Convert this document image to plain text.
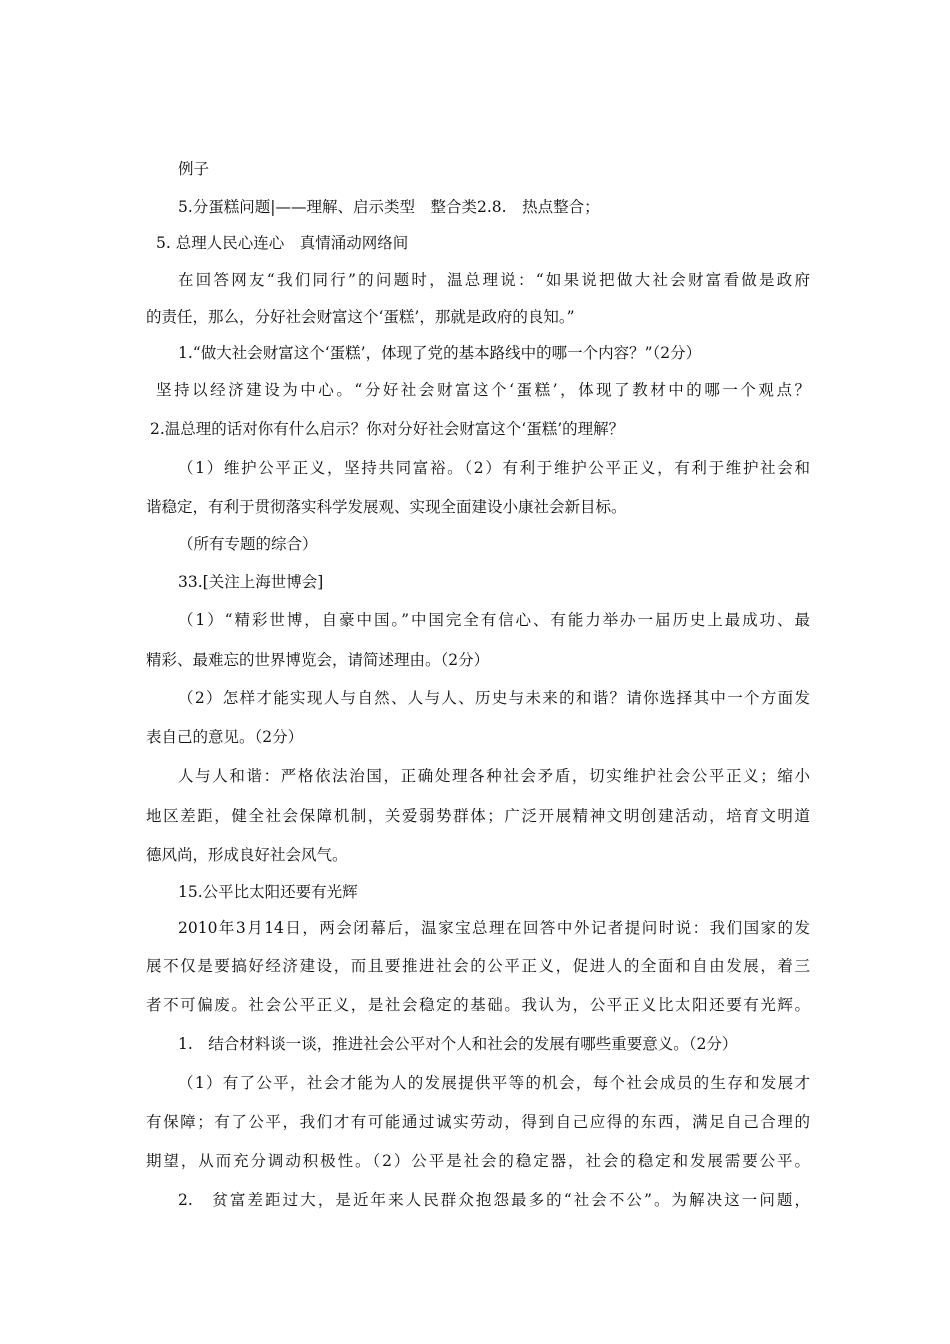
例子
5.分蛋糕问题|——理解、启示类型　整合类2.8.　热点整合；
5. 总理人民心连心　真情涌动网络间
在回答网友“我们同行”的问题时，温总理说：“如果说把做大社会财富看做是政府
的责任，那么，分好社会财富这个‘蛋糕’，那就是政府的良知。”
1.“做大社会财富这个‘蛋糕’，体现了党的基本路线中的哪一个内容？”（2分）
坚持以经济建设为中心。“分好社会财富这个‘蛋糕’，体现了教材中的哪一个观点？
2.温总理的话对你有什么启示？你对分好社会财富这个‘蛋糕’的理解？
（1）维护公平正义，坚持共同富裕。（2）有利于维护公平正义，有利于维护社会和
谐稳定，有利于贯彻落实科学发展观、实现全面建设小康社会新目标。
（所有专题的综合）
33.[关注上海世博会]
（1）“精彩世博，自豪中国。”中国完全有信心、有能力举办一届历史上最成功、最
精彩、最难忘的世界博览会，请简述理由。（2分）
（2）怎样才能实现人与自然、人与人、历史与未来的和谐？请你选择其中一个方面发
表自己的意见。（2分）
人与人和谐：严格依法治国，正确处理各种社会矛盾，切实维护社会公平正义；缩小
地区差距，健全社会保障机制，关爱弱势群体；广泛开展精神文明创建活动，培育文明道
德风尚，形成良好社会风气。
15.公平比太阳还要有光辉
2010年3月14日，两会闭幕后，温家宝总理在回答中外记者提问时说：我们国家的发
展不仅是要搞好经济建设，而且要推进社会的公平正义，促进人的全面和自由发展，着三
者不可偏废。社会公平正义，是社会稳定的基础。我认为，公平正义比太阳还要有光辉。
1.　结合材料谈一谈，推进社会公平对个人和社会的发展有哪些重要意义。（2分）
（1）有了公平，社会才能为人的发展提供平等的机会，每个社会成员的生存和发展才
有保障；有了公平，我们才有可能通过诚实劳动，得到自己应得的东西，满足自己合理的
期望，从而充分调动积极性。（2）公平是社会的稳定器，社会的稳定和发展需要公平。
2.　贫富差距过大，是近年来人民群众抱怨最多的“社会不公”。为解决这一问题，
